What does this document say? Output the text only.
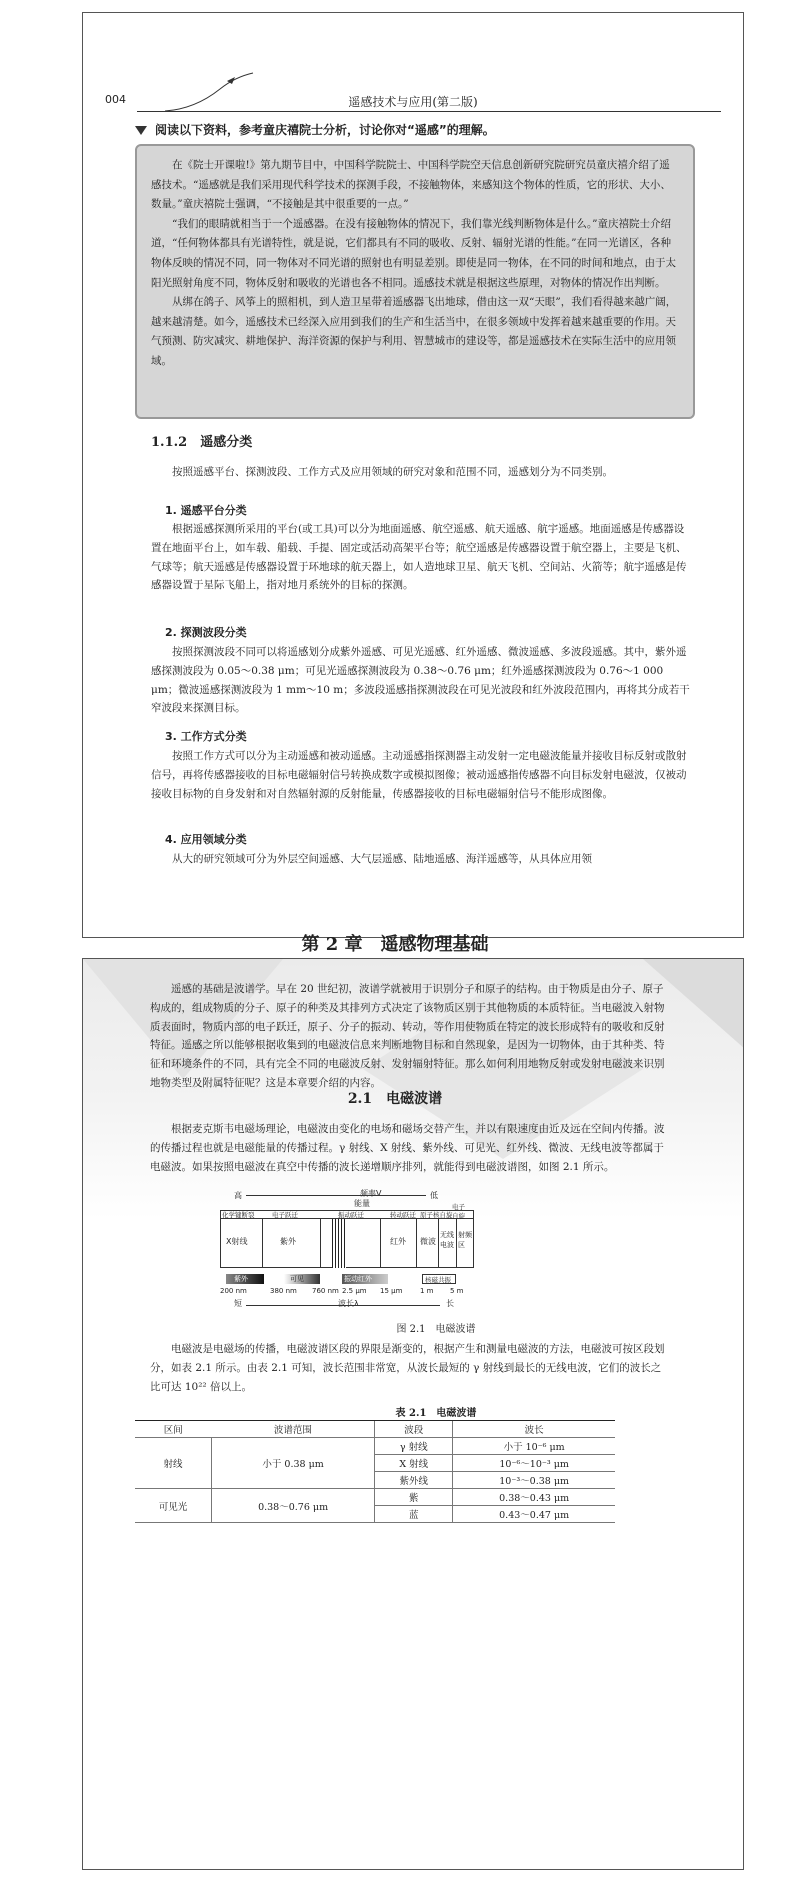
004	遥感技术与应用(第二版)
阅读以下资料，参考童庆禧院士分析，讨论你对“遥感”的理解。

在《院士开课啦!》第九期节目中，中国科学院院士、中国科学院空天信息创新研究院研究员童庆禧介绍了遥感技术。“遥感就是我们采用现代科学技术的探测手段，不接触物体，来感知这个物体的性质，它的形状、大小、数量。”童庆禧院士强调，“不接触是其中很重要的一点。”

“我们的眼睛就相当于一个遥感器。在没有接触物体的情况下，我们靠光线判断物体是什么。”童庆禧院士介绍道，“任何物体都具有光谱特性，就是说，它们都具有不同的吸收、反射、辐射光谱的性能。”在同一光谱区，各种物体反映的情况不同，同一物体对不同光谱的照射也有明显差别。即使是同一物体，在不同的时间和地点，由于太阳光照射角度不同，物体反射和吸收的光谱也各不相同。遥感技术就是根据这些原理，对物体的情况作出判断。

从绑在鸽子、风筝上的照相机，到人造卫星带着遥感器飞出地球，借由这一双“天眼”，我们看得越来越广阔，越来越清楚。如今，遥感技术已经深入应用到我们的生产和生活当中，在很多领域中发挥着越来越重要的作用。天气预测、防灾减灾、耕地保护、海洋资源的保护与利用、智慧城市的建设等，都是遥感技术在实际生活中的应用领域。

1.1.2　遥感分类

按照遥感平台、探测波段、工作方式及应用领域的研究对象和范围不同，遥感划分为不同类别。

1. 遥感平台分类

根据遥感探测所采用的平台(或工具)可以分为地面遥感、航空遥感、航天遥感、航宇遥感。地面遥感是传感器设置在地面平台上，如车载、船载、手提、固定或活动高架平台等；航空遥感是传感器设置于航空器上，主要是飞机、气球等；航天遥感是传感器设置于环地球的航天器上，如人造地球卫星、航天飞机、空间站、火箭等；航宇遥感是传感器设置于星际飞船上，指对地月系统外的目标的探测。

2. 探测波段分类

按照探测波段不同可以将遥感划分成紫外遥感、可见光遥感、红外遥感、微波遥感、多波段遥感。其中，紫外遥感探测波段为 0.05～0.38 μm；可见光遥感探测波段为 0.38～0.76 μm；红外遥感探测波段为 0.76～1 000 μm；微波遥感探测波段为 1 mm～10 m；多波段遥感指探测波段在可见光波段和红外波段范围内，再将其分成若干窄波段来探测目标。

3. 工作方式分类

按照工作方式可以分为主动遥感和被动遥感。主动遥感指探测器主动发射一定电磁波能量并接收目标反射或散射信号，再将传感器接收的目标电磁辐射信号转换成数字或模拟图像；被动遥感指传感器不向目标发射电磁波，仅被动接收目标物的自身发射和对自然辐射源的反射能量，传感器接收的目标电磁辐射信号不能形成图像。

4. 应用领域分类

从大的研究领域可分为外层空间遥感、大气层遥感、陆地遥感、海洋遥感等，从具体应用领

第 2 章　遥感物理基础

遥感的基础是波谱学。早在 20 世纪初，波谱学就被用于识别分子和原子的结构。由于物质是由分子、原子构成的，组成物质的分子、原子的种类及其排列方式决定了该物质区别于其他物质的本质特征。当电磁波入射物质表面时，物质内部的电子跃迁，原子、分子的振动、转动，等作用使物质在特定的波长形成特有的吸收和反射特征。遥感之所以能够根据收集到的电磁波信息来判断地物目标和自然现象，是因为一切物体，由于其种类、特征和环境条件的不同，具有完全不同的电磁波反射、发射辐射特征。那么如何利用地物反射或发射电磁波来识别地物类型及附属特征呢？这是本章要介绍的内容。

2.1　电磁波谱

根据麦克斯韦电磁场理论，电磁波由变化的电场和磁场交替产生，并以有限速度由近及远在空间内传播。波的传播过程也就是电磁能量的传播过程。γ 射线、X 射线、紫外线、可见光、红外线、微波、无线电波等都属于电磁波。如果按照电磁波在真空中传播的波长递增顺序排列，就能得到电磁波谱图，如图 2.1 所示。

高	频率V
能量
低
化学键断裂	电子跃迁	振动跃迁	转动跃迁 原子核自旋
电子自旋
X射线	紫外	红外 微波
无线电波
射频区
紫外	可见	振动红外	核磁共振
200 nm	380 nm 760 nm 2.5 μm 15 μm	1 m 5 m
短	波长λ	长
图 2.1　电磁波谱

电磁波是电磁场的传播，电磁波谱区段的界限是渐变的，根据产生和测量电磁波的方法，电磁波可按区段划分，如表 2.1 所示。由表 2.1 可知，波长范围非常宽，从波长最短的 γ 射线到最长的无线电波，它们的波长之比可达 10²² 倍以上。

表 2.1　电磁波谱
区间	波谱范围	波段	波长
射线	小于 0.38 μm	γ 射线	小于 10⁻⁶ μm
		X 射线	10⁻⁶～10⁻³ μm
		紫外线	10⁻³～0.38 μm
可见光	0.38～0.76 μm	紫	0.38～0.43 μm
		蓝	0.43～0.47 μm
